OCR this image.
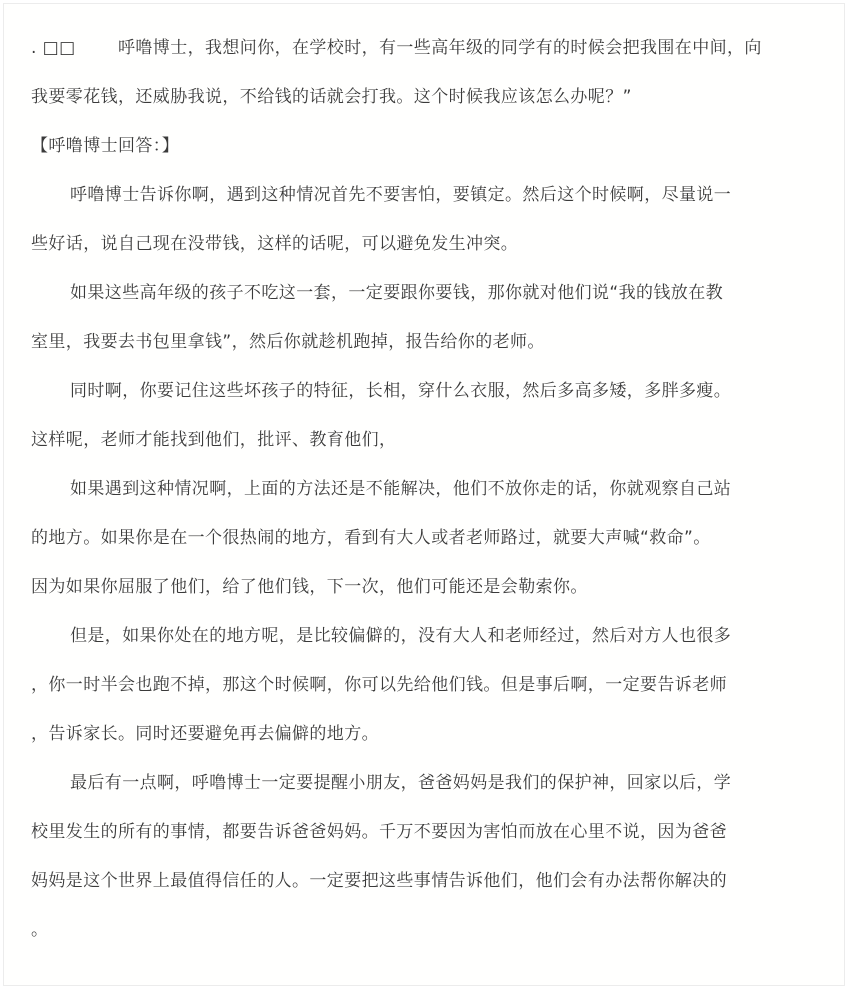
. □□ 呼噜博士，我想问你，在学校时，有一些高年级的同学有的时候会把我围在中间，向

我要零花钱，还威胁我说，不给钱的话就会打我。这个时候我应该怎么办呢？”

【呼噜博士回答：】

呼噜博士告诉你啊，遇到这种情况首先不要害怕，要镇定。然后这个时候啊，尽量说一

些好话，说自己现在没带钱，这样的话呢，可以避免发生冲突。

如果这些高年级的孩子不吃这一套，一定要跟你要钱，那你就对他们说“我的钱放在教

室里，我要去书包里拿钱”，然后你就趁机跑掉，报告给你的老师。

同时啊，你要记住这些坏孩子的特征，长相，穿什么衣服，然后多高多矮，多胖多瘦。

这样呢，老师才能找到他们，批评、教育他们，

如果遇到这种情况啊，上面的方法还是不能解决，他们不放你走的话，你就观察自己站

的地方。如果你是在一个很热闹的地方，看到有大人或者老师路过，就要大声喊“救命”。

因为如果你屈服了他们，给了他们钱，下一次，他们可能还是会勒索你。

但是，如果你处在的地方呢，是比较偏僻的，没有大人和老师经过，然后对方人也很多

，你一时半会也跑不掉，那这个时候啊，你可以先给他们钱。但是事后啊，一定要告诉老师

，告诉家长。同时还要避免再去偏僻的地方。

最后有一点啊，呼噜博士一定要提醒小朋友，爸爸妈妈是我们的保护神，回家以后，学

校里发生的所有的事情，都要告诉爸爸妈妈。千万不要因为害怕而放在心里不说，因为爸爸

妈妈是这个世界上最值得信任的人。一定要把这些事情告诉他们，他们会有办法帮你解决的

。
